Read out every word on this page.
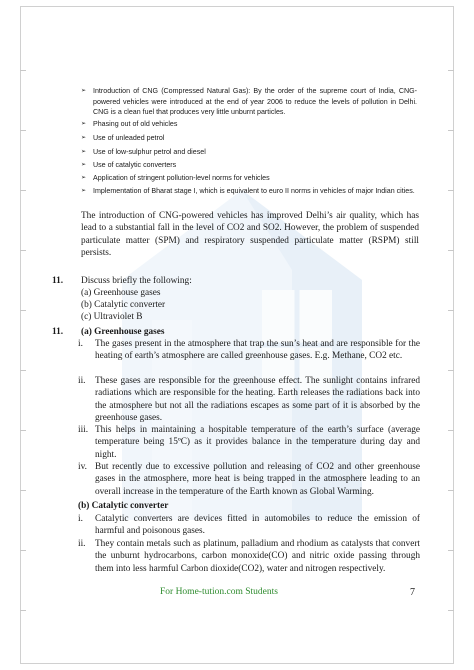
➢ Introduction of CNG (Compressed Natural Gas): By the order of the supreme court of India, CNG-powered vehicles were introduced at the end of year 2006 to reduce the levels of pollution in Delhi. CNG is a clean fuel that produces very little unburnt particles.
➢ Phasing out of old vehicles
➢ Use of unleaded petrol
➢ Use of low-sulphur petrol and diesel
➢ Use of catalytic converters
➢ Application of stringent pollution-level norms for vehicles
➢ Implementation of Bharat stage I, which is equivalent to euro II norms in vehicles of major Indian cities.
The introduction of CNG-powered vehicles has improved Delhi’s air quality, which has lead to a substantial fall in the level of CO2 and SO2. However, the problem of suspended particulate matter (SPM) and respiratory suspended particulate matter (RSPM) still persists.
11. Discuss briefly the following:
(a) Greenhouse gases
(b) Catalytic converter
(c) Ultraviolet B
11. (a) Greenhouse gases
i.	The gases present in the atmosphere that trap the sun’s heat and are responsible for the heating of earth’s atmosphere are called greenhouse gases. E.g. Methane, CO2 etc.
ii.	These gases are responsible for the greenhouse effect. The sunlight contains infrared radiations which are responsible for the heating. Earth releases the radiations back into the atmosphere but not all the radiations escapes as some part of it is absorbed by the greenhouse gases.
iii. This helps in maintaining a hospitable temperature of the earth’s surface (average temperature being 15ºC) as it provides balance in the temperature during day and night.
iv. But recently due to excessive pollution and releasing of CO2 and other greenhouse gases in the atmosphere, more heat is being trapped in the atmosphere leading to an overall increase in the temperature of the Earth known as Global Warming.
(b) Catalytic converter
i.	Catalytic converters are devices fitted in automobiles to reduce the emission of harmful and poisonous gases.
ii.	They contain metals such as platinum, palladium and rhodium as catalysts that convert the unburnt hydrocarbons, carbon monoxide(CO) and nitric oxide passing through them into less harmful Carbon dioxide(CO2), water and nitrogen respectively.
For Home-tution.com Students	7
